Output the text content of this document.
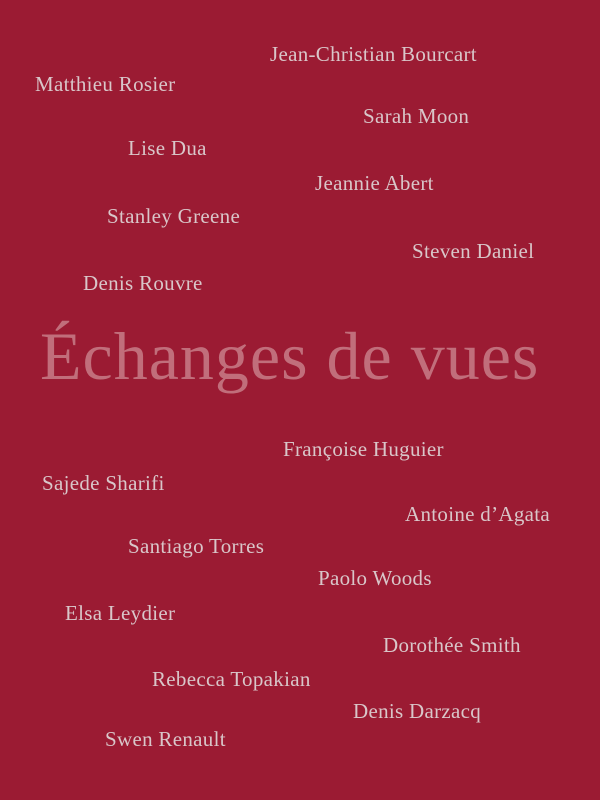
Jean-Christian Bourcart
Matthieu Rosier
Sarah Moon
Lise Dua
Jeannie Abert
Stanley Greene
Steven Daniel
Denis Rouvre
Échanges de vues
Françoise Huguier
Sajede Sharifi
Antoine d’Agata
Santiago Torres
Paolo Woods
Elsa Leydier
Dorothée Smith
Rebecca Topakian
Denis Darzacq
Swen Renault
